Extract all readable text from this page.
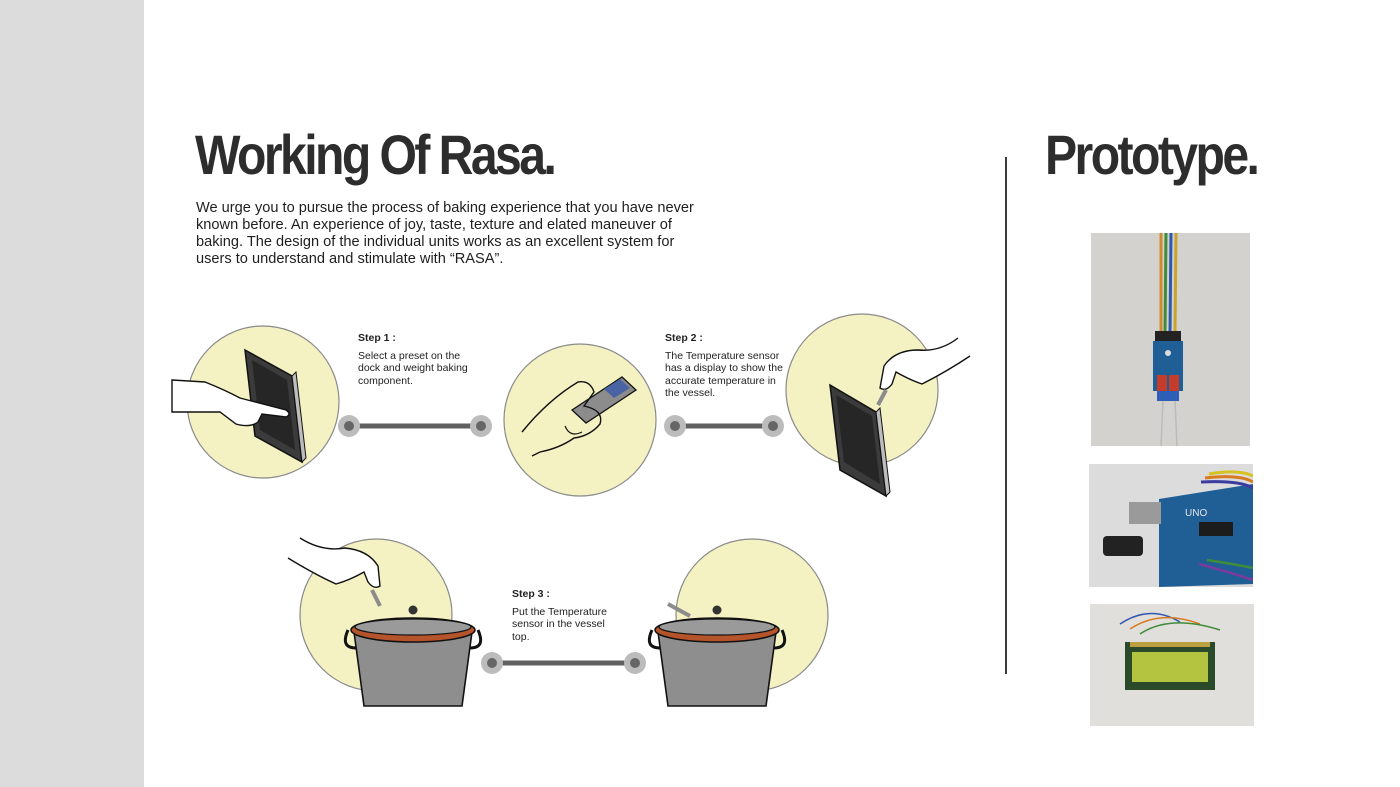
Working Of Rasa.

We urge you to pursue the process of baking experience that you have never known before. An experience of joy, taste, texture and elated maneuver of baking. The design of the individual units works as an excellent system for users to understand and stimulate with “RASA”.

Step 1 :
Select a preset on the dock and weight baking component.
Step 2 :
The Temperature sensor has a display to show the accurate temperature in the vessel.
Step 3 :
Put the Temperature sensor in the vessel top.
Prototype.
UNO
